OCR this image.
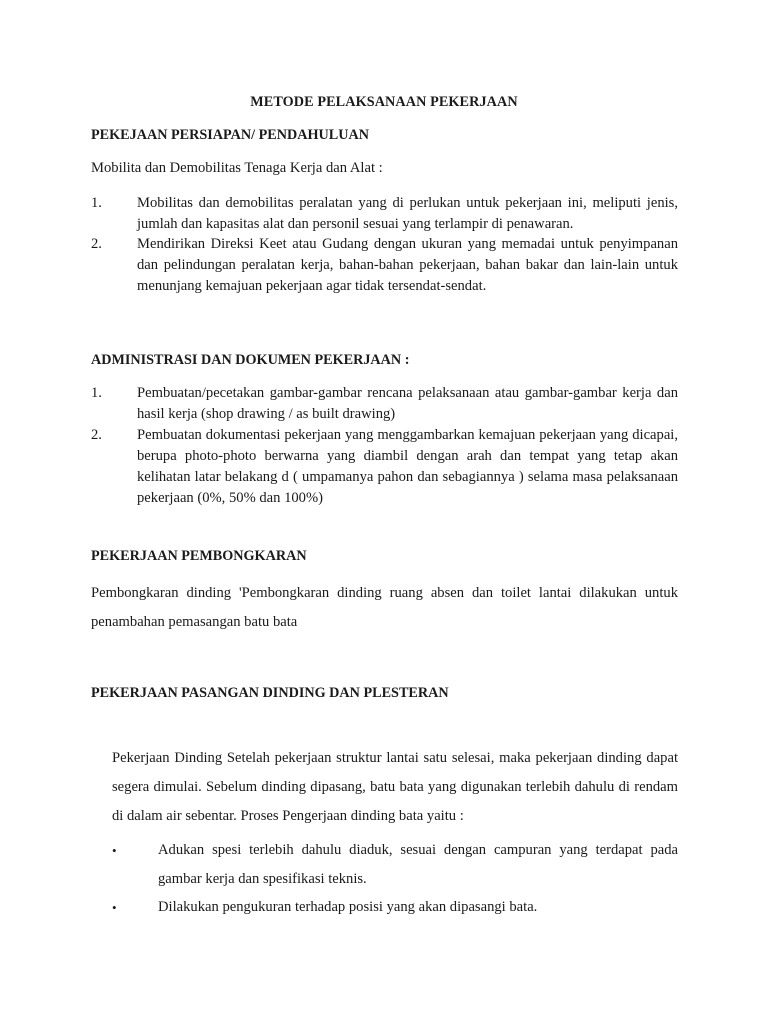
METODE PELAKSANAAN PEKERJAAN
PEKEJAAN PERSIAPAN/ PENDAHULUAN
Mobilita dan Demobilitas Tenaga Kerja dan Alat :
1. Mobilitas dan demobilitas peralatan yang di perlukan untuk pekerjaan ini, meliputi jenis, jumlah dan kapasitas alat dan personil sesuai yang terlampir di penawaran.
2. Mendirikan Direksi Keet atau Gudang dengan ukuran yang memadai untuk penyimpanan dan pelindungan peralatan kerja, bahan-bahan pekerjaan, bahan bakar dan lain-lain untuk menunjang kemajuan pekerjaan agar tidak tersendat-sendat.
ADMINISTRASI DAN DOKUMEN PEKERJAAN :
1. Pembuatan/pecetakan gambar-gambar rencana pelaksanaan atau gambar-gambar kerja dan hasil kerja (shop drawing / as built drawing)
2. Pembuatan dokumentasi pekerjaan yang menggambarkan kemajuan pekerjaan yang dicapai, berupa photo-photo berwarna yang diambil dengan arah dan tempat yang tetap akan kelihatan latar belakang d ( umpamanya pahon dan sebagiannya ) selama masa pelaksanaan pekerjaan (0%, 50% dan 100%)
PEKERJAAN PEMBONGKARAN
Pembongkaran dinding 'Pembongkaran dinding ruang absen dan toilet lantai dilakukan untuk penambahan pemasangan batu bata
PEKERJAAN PASANGAN DINDING DAN PLESTERAN
Pekerjaan Dinding Setelah pekerjaan struktur lantai satu selesai, maka pekerjaan dinding dapat segera dimulai. Sebelum dinding dipasang, batu bata yang digunakan terlebih dahulu di rendam di dalam air sebentar. Proses Pengerjaan dinding bata yaitu :
•	Adukan spesi terlebih dahulu diaduk, sesuai dengan campuran yang terdapat pada gambar kerja dan spesifikasi teknis.
•	Dilakukan pengukuran terhadap posisi yang akan dipasangi bata.
